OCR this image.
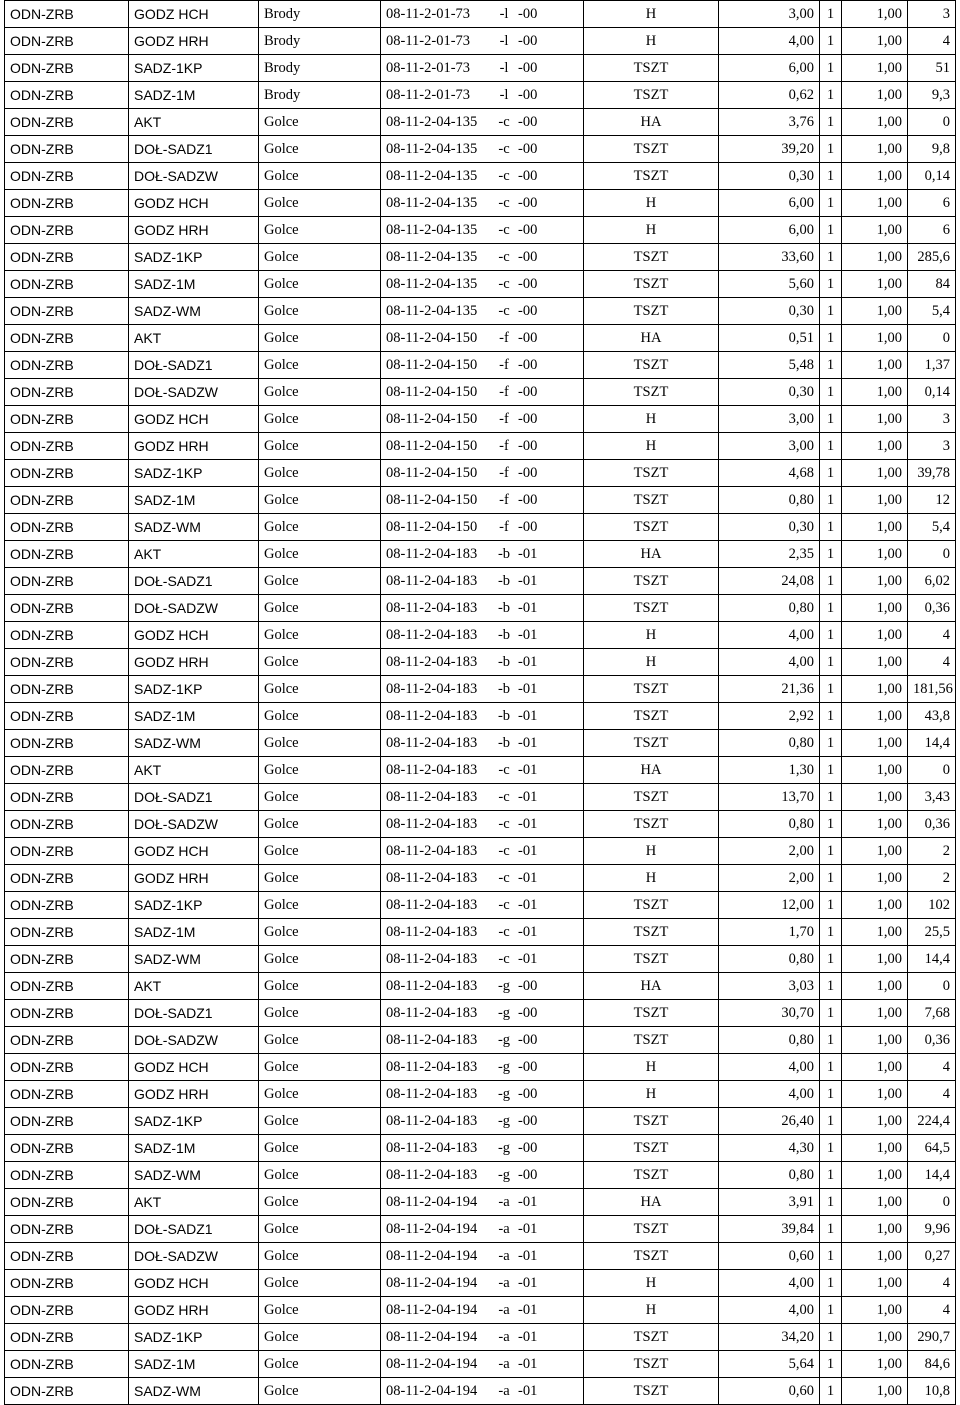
ODN-ZRB	GODZ HCH	Brody	08-11-2-01-73 -l -00	H	3,00	1	1,00	3
ODN-ZRB	GODZ HRH	Brody	08-11-2-01-73 -l -00	H	4,00	1	1,00	4
ODN-ZRB	SADZ-1KP	Brody	08-11-2-01-73 -l -00	TSZT	6,00	1	1,00	51
ODN-ZRB	SADZ-1M	Brody	08-11-2-01-73 -l -00	TSZT	0,62	1	1,00	9,3
ODN-ZRB	AKT	Golce	08-11-2-04-135 -c -00	HA	3,76	1	1,00	0
ODN-ZRB	DOŁ-SADZ1	Golce	08-11-2-04-135 -c -00	TSZT	39,20	1	1,00	9,8
ODN-ZRB	DOŁ-SADZW	Golce	08-11-2-04-135 -c -00	TSZT	0,30	1	1,00	0,14
ODN-ZRB	GODZ HCH	Golce	08-11-2-04-135 -c -00	H	6,00	1	1,00	6
ODN-ZRB	GODZ HRH	Golce	08-11-2-04-135 -c -00	H	6,00	1	1,00	6
ODN-ZRB	SADZ-1KP	Golce	08-11-2-04-135 -c -00	TSZT	33,60	1	1,00	285,6
ODN-ZRB	SADZ-1M	Golce	08-11-2-04-135 -c -00	TSZT	5,60	1	1,00	84
ODN-ZRB	SADZ-WM	Golce	08-11-2-04-135 -c -00	TSZT	0,30	1	1,00	5,4
ODN-ZRB	AKT	Golce	08-11-2-04-150 -f -00	HA	0,51	1	1,00	0
ODN-ZRB	DOŁ-SADZ1	Golce	08-11-2-04-150 -f -00	TSZT	5,48	1	1,00	1,37
ODN-ZRB	DOŁ-SADZW	Golce	08-11-2-04-150 -f -00	TSZT	0,30	1	1,00	0,14
ODN-ZRB	GODZ HCH	Golce	08-11-2-04-150 -f -00	H	3,00	1	1,00	3
ODN-ZRB	GODZ HRH	Golce	08-11-2-04-150 -f -00	H	3,00	1	1,00	3
ODN-ZRB	SADZ-1KP	Golce	08-11-2-04-150 -f -00	TSZT	4,68	1	1,00	39,78
ODN-ZRB	SADZ-1M	Golce	08-11-2-04-150 -f -00	TSZT	0,80	1	1,00	12
ODN-ZRB	SADZ-WM	Golce	08-11-2-04-150 -f -00	TSZT	0,30	1	1,00	5,4
ODN-ZRB	AKT	Golce	08-11-2-04-183 -b -01	HA	2,35	1	1,00	0
ODN-ZRB	DOŁ-SADZ1	Golce	08-11-2-04-183 -b -01	TSZT	24,08	1	1,00	6,02
ODN-ZRB	DOŁ-SADZW	Golce	08-11-2-04-183 -b -01	TSZT	0,80	1	1,00	0,36
ODN-ZRB	GODZ HCH	Golce	08-11-2-04-183 -b -01	H	4,00	1	1,00	4
ODN-ZRB	GODZ HRH	Golce	08-11-2-04-183 -b -01	H	4,00	1	1,00	4
ODN-ZRB	SADZ-1KP	Golce	08-11-2-04-183 -b -01	TSZT	21,36	1	1,00	181,56
ODN-ZRB	SADZ-1M	Golce	08-11-2-04-183 -b -01	TSZT	2,92	1	1,00	43,8
ODN-ZRB	SADZ-WM	Golce	08-11-2-04-183 -b -01	TSZT	0,80	1	1,00	14,4
ODN-ZRB	AKT	Golce	08-11-2-04-183 -c -01	HA	1,30	1	1,00	0
ODN-ZRB	DOŁ-SADZ1	Golce	08-11-2-04-183 -c -01	TSZT	13,70	1	1,00	3,43
ODN-ZRB	DOŁ-SADZW	Golce	08-11-2-04-183 -c -01	TSZT	0,80	1	1,00	0,36
ODN-ZRB	GODZ HCH	Golce	08-11-2-04-183 -c -01	H	2,00	1	1,00	2
ODN-ZRB	GODZ HRH	Golce	08-11-2-04-183 -c -01	H	2,00	1	1,00	2
ODN-ZRB	SADZ-1KP	Golce	08-11-2-04-183 -c -01	TSZT	12,00	1	1,00	102
ODN-ZRB	SADZ-1M	Golce	08-11-2-04-183 -c -01	TSZT	1,70	1	1,00	25,5
ODN-ZRB	SADZ-WM	Golce	08-11-2-04-183 -c -01	TSZT	0,80	1	1,00	14,4
ODN-ZRB	AKT	Golce	08-11-2-04-183 -g -00	HA	3,03	1	1,00	0
ODN-ZRB	DOŁ-SADZ1	Golce	08-11-2-04-183 -g -00	TSZT	30,70	1	1,00	7,68
ODN-ZRB	DOŁ-SADZW	Golce	08-11-2-04-183 -g -00	TSZT	0,80	1	1,00	0,36
ODN-ZRB	GODZ HCH	Golce	08-11-2-04-183 -g -00	H	4,00	1	1,00	4
ODN-ZRB	GODZ HRH	Golce	08-11-2-04-183 -g -00	H	4,00	1	1,00	4
ODN-ZRB	SADZ-1KP	Golce	08-11-2-04-183 -g -00	TSZT	26,40	1	1,00	224,4
ODN-ZRB	SADZ-1M	Golce	08-11-2-04-183 -g -00	TSZT	4,30	1	1,00	64,5
ODN-ZRB	SADZ-WM	Golce	08-11-2-04-183 -g -00	TSZT	0,80	1	1,00	14,4
ODN-ZRB	AKT	Golce	08-11-2-04-194 -a -01	HA	3,91	1	1,00	0
ODN-ZRB	DOŁ-SADZ1	Golce	08-11-2-04-194 -a -01	TSZT	39,84	1	1,00	9,96
ODN-ZRB	DOŁ-SADZW	Golce	08-11-2-04-194 -a -01	TSZT	0,60	1	1,00	0,27
ODN-ZRB	GODZ HCH	Golce	08-11-2-04-194 -a -01	H	4,00	1	1,00	4
ODN-ZRB	GODZ HRH	Golce	08-11-2-04-194 -a -01	H	4,00	1	1,00	4
ODN-ZRB	SADZ-1KP	Golce	08-11-2-04-194 -a -01	TSZT	34,20	1	1,00	290,7
ODN-ZRB	SADZ-1M	Golce	08-11-2-04-194 -a -01	TSZT	5,64	1	1,00	84,6
ODN-ZRB	SADZ-WM	Golce	08-11-2-04-194 -a -01	TSZT	0,60	1	1,00	10,8
